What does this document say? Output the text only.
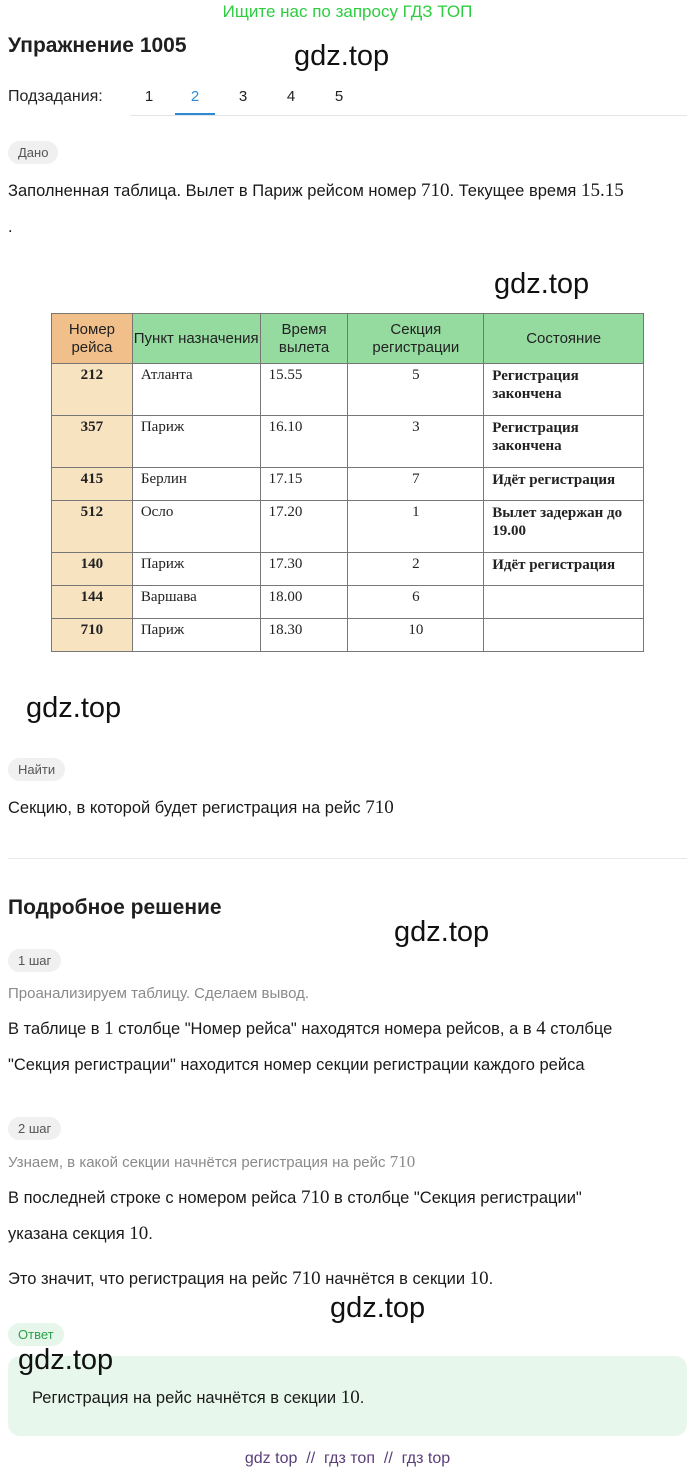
Ищите нас по запросу ГДЗ ТОП
Упражнение 1005	gdz.top
Подзадания:	1	2	3	4	5
Дано
Заполненная таблица. Вылет в Париж рейсом номер 710. Текущее время 15.15
.
gdz.top
Номер рейса	Пункт назначения	Время вылета	Секция регистрации	Состояние
212	Атланта	15.55	5	Регистрация закончена
357	Париж	16.10	3	Регистрация закончена
415	Берлин	17.15	7	Идёт регистрация
512	Осло	17.20	1	Вылет задержан до 19.00
140	Париж	17.30	2	Идёт регистрация
144	Варшава	18.00	6	
710	Париж	18.30	10	
gdz.top
Найти
Секцию, в которой будет регистрация на рейс 710
Подробное решение
gdz.top
1 шаг
Проанализируем таблицу. Сделаем вывод.
В таблице в 1 столбце "Номер рейса" находятся номера рейсов, а в 4 столбце
"Секция регистрации" находится номер секции регистрации каждого рейса
2 шаг
Узнаем, в какой секции начнётся регистрация на рейс 710
В последней строке с номером рейса 710 в столбце "Секция регистрации"
указана секция 10.
Это значит, что регистрация на рейс 710 начнётся в секции 10.
gdz.top
Ответ
gdz.top
Регистрация на рейс начнётся в секции 10.
gdz top  //  гдз топ  //  гдз top
